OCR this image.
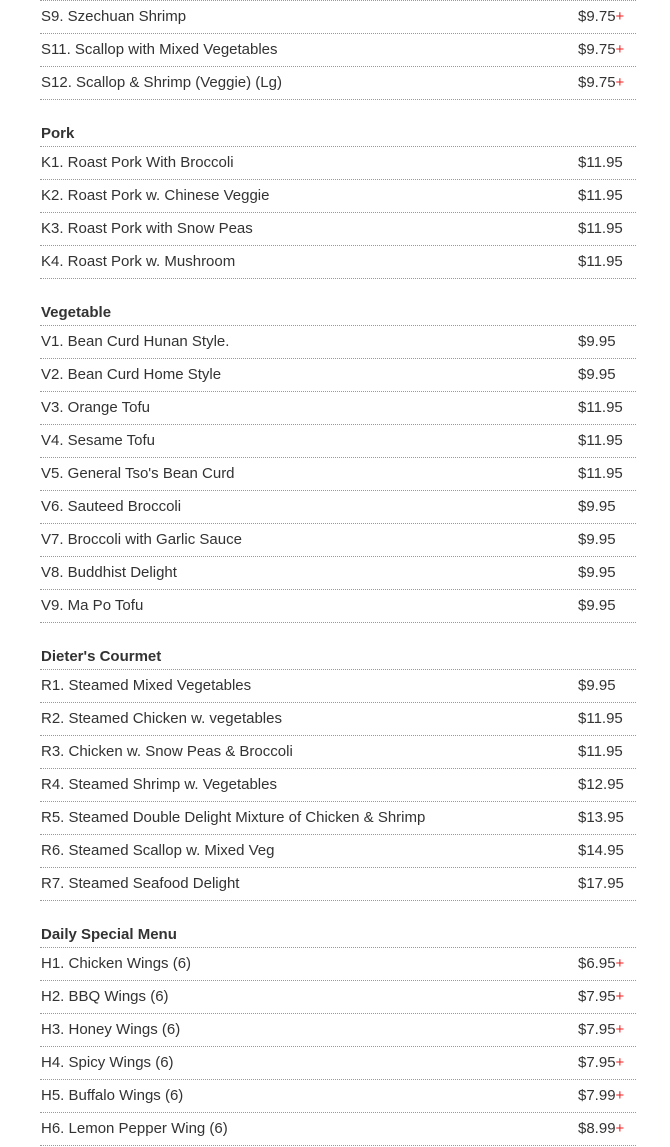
S9. Szechuan Shrimp	$9.75+
S11. Scallop with Mixed Vegetables	$9.75+
S12. Scallop & Shrimp (Veggie) (Lg)	$9.75+
Pork
K1. Roast Pork With Broccoli	$11.95
K2. Roast Pork w. Chinese Veggie	$11.95
K3. Roast Pork with Snow Peas	$11.95
K4. Roast Pork w. Mushroom	$11.95
Vegetable
V1. Bean Curd Hunan Style.	$9.95
V2. Bean Curd Home Style	$9.95
V3. Orange Tofu	$11.95
V4. Sesame Tofu	$11.95
V5. General Tso's Bean Curd	$11.95
V6. Sauteed Broccoli	$9.95
V7. Broccoli with Garlic Sauce	$9.95
V8. Buddhist Delight	$9.95
V9. Ma Po Tofu	$9.95
Dieter's Courmet
R1. Steamed Mixed Vegetables	$9.95
R2. Steamed Chicken w. vegetables	$11.95
R3. Chicken w. Snow Peas & Broccoli	$11.95
R4. Steamed Shrimp w. Vegetables	$12.95
R5. Steamed Double Delight Mixture of Chicken & Shrimp	$13.95
R6. Steamed Scallop w. Mixed Veg	$14.95
R7. Steamed Seafood Delight	$17.95
Daily Special Menu
H1. Chicken Wings (6)	$6.95+
H2. BBQ Wings (6)	$7.95+
H3. Honey Wings (6)	$7.95+
H4. Spicy Wings (6)	$7.95+
H5. Buffalo Wings (6)	$7.99+
H6. Lemon Pepper Wing (6)	$8.99+
